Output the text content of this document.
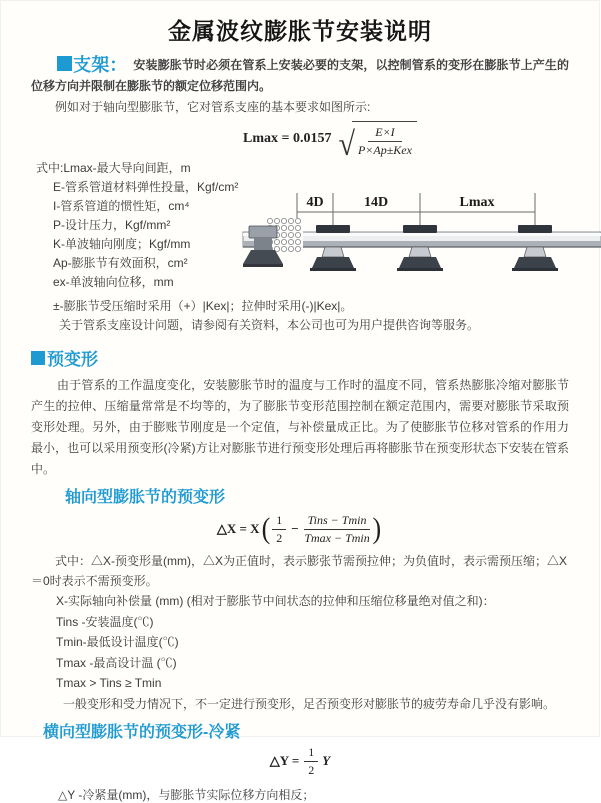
金属波纹膨胀节安装说明

支架： 安装膨胀节时必须在管系上安装必要的支架，以控制管系的变形在膨胀节上产生的位移方向并限制在膨胀节的额定位移范围内。

例如对于轴向型膨胀节，它对管系支座的基本要求如图所示:

Lmax = 0.0157 √ $\frac{E\times I}{\text{P×Ap±Kex}}$
式中:Lmax-最大导向间距，m
E-管系管道材料弹性投量，Kgf/cm²
I-管系管道的惯性矩，cm⁴
P-设计压力，Kgf/mm²
K-单波轴向刚度；Kgf/mm
Ap-膨胀节有效面积，cm²
ex-单波轴向位移，mm
4D	14D	Lmax
±-膨胀节受压缩时采用（+）|Kex|；拉伸时采用(-)|Kex|。
关于管系支座设计问题，请参阅有关资料，本公司也可为用户提供咨询等服务。
预变形

由于管系的工作温度变化，安装膨胀节时的温度与工作时的温度不同，管系热膨胀冷缩对膨胀节产生的拉伸、压缩量常常是不均等的，为了膨胀节变形范围控制在额定范围内，需要对膨胀节采取预变形处理。另外，由于膨账节刚度是一个定值，与补偿量成正比。为了使膨胀节位移对管系的作用力最小，也可以采用预变形(冷紧)方让对膨胀节进行预变形处理后再将膨胀节在预变形状态下安装在管系中。

轴向型膨胀节的预变形
△X = X ( $\frac{1}{2} - \frac{\text{Tins − Tmin}}{Tmax - Tmin}$ )

式中：△X-预变形量(mm)，△X为正值时，表示膨张节需预拉伸；为负值时，表示需预压缩；△X＝0时表示不需预变形。

X-实际轴向补偿量 (mm) (相对于膨胀节中间状态的拉伸和压缩位移量绝对值之和)：
Tins -安装温度(℃)
Tmin-最低设计温度(℃)
Tmax -最高设计温 (℃)
Tmax > Tins ≥ Tmin
一般变形和受力情况下，不一定进行预变形，足否预变形对膨胀节的疲劳寿命几乎没有影响。
横向型膨胀节的预变形-冷紧
△Y = $\frac{1}{2}$ Y
△Y -冷紧量(mm)，与膨胀节实际位移方向相反；
